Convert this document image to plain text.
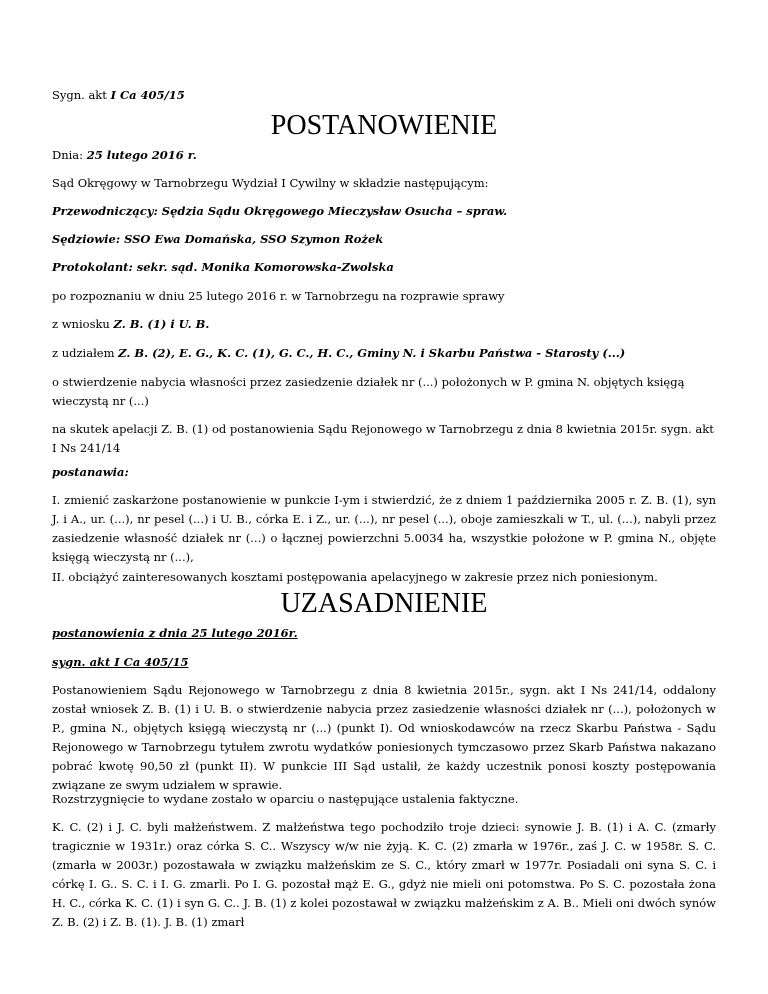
Sygn. akt I Ca 405/15

POSTANOWIENIE

Dnia: 25 lutego 2016 r.

Sąd Okręgowy w Tarnobrzegu Wydział I Cywilny w składzie następującym:

Przewodniczący: Sędzia Sądu Okręgowego Mieczysław Osucha – spraw.

Sędziowie: SSO Ewa Domańska, SSO Szymon Rożek

Protokolant: sekr. sąd. Monika Komorowska-Zwolska

po rozpoznaniu w dniu 25 lutego 2016 r. w Tarnobrzegu na rozprawie sprawy

z wniosku Z. B. (1) i U. B.

z udziałem Z. B. (2), E. G., K. C. (1), G. C., H. C., Gminy N. i Skarbu Państwa - Starosty (...)

o stwierdzenie nabycia własności przez zasiedzenie działek nr (...) położonych w P. gmina N. objętych księgą wieczystą nr (...)

na skutek apelacji Z. B. (1) od postanowienia Sądu Rejonowego w Tarnobrzegu z dnia 8 kwietnia 2015r. sygn. akt I Ns 241/14

postanawia:

I. zmienić zaskarżone postanowienie w punkcie I-ym i stwierdzić, że z dniem 1 października 2005 r. Z. B. (1), syn J. i A., ur. (...), nr pesel (...) i U. B., córka E. i Z., ur. (...), nr pesel (...), oboje zamieszkali w T., ul. (...), nabyli przez zasiedzenie własność działek nr (...) o łącznej powierzchni 5.0034 ha, wszystkie położone w P. gmina N., objęte księgą wieczystą nr (...),

II. obciążyć zainteresowanych kosztami postępowania apelacyjnego w zakresie przez nich poniesionym.

UZASADNIENIE

postanowienia z dnia 25 lutego 2016r.

sygn. akt I Ca 405/15

Postanowieniem Sądu Rejonowego w Tarnobrzegu z dnia 8 kwietnia 2015r., sygn. akt I Ns 241/14, oddalony został wniosek Z. B. (1) i U. B. o stwierdzenie nabycia przez zasiedzenie własności działek nr (...), położonych w P., gmina N., objętych księgą wieczystą nr (...) (punkt I). Od wnioskodawców na rzecz Skarbu Państwa - Sądu Rejonowego w Tarnobrzegu tytułem zwrotu wydatków poniesionych tymczasowo przez Skarb Państwa nakazano pobrać kwotę 90,50 zł (punkt II). W punkcie III Sąd ustalił, że każdy uczestnik ponosi koszty postępowania związane ze swym udziałem w sprawie.

Rozstrzygnięcie to wydane zostało w oparciu o następujące ustalenia faktyczne.

K. C. (2) i J. C. byli małżeństwem. Z małżeństwa tego pochodziło troje dzieci: synowie J. B. (1) i A. C. (zmarły tragicznie w 1931r.) oraz córka S. C.. Wszyscy w/w nie żyją. K. C. (2) zmarła w 1976r., zaś J. C. w 1958r. S. C. (zmarła w 2003r.) pozostawała w związku małżeńskim ze S. C., który zmarł w 1977r. Posiadali oni syna S. C. i córkę I. G.. S. C. i I. G. zmarli. Po I. G. pozostał mąż E. G., gdyż nie mieli oni potomstwa. Po S. C. pozostała żona H. C., córka K. C. (1) i syn G. C.. J. B. (1) z kolei pozostawał w związku małżeńskim z A. B.. Mieli oni dwóch synów Z. B. (2) i Z. B. (1). J. B. (1) zmarł
